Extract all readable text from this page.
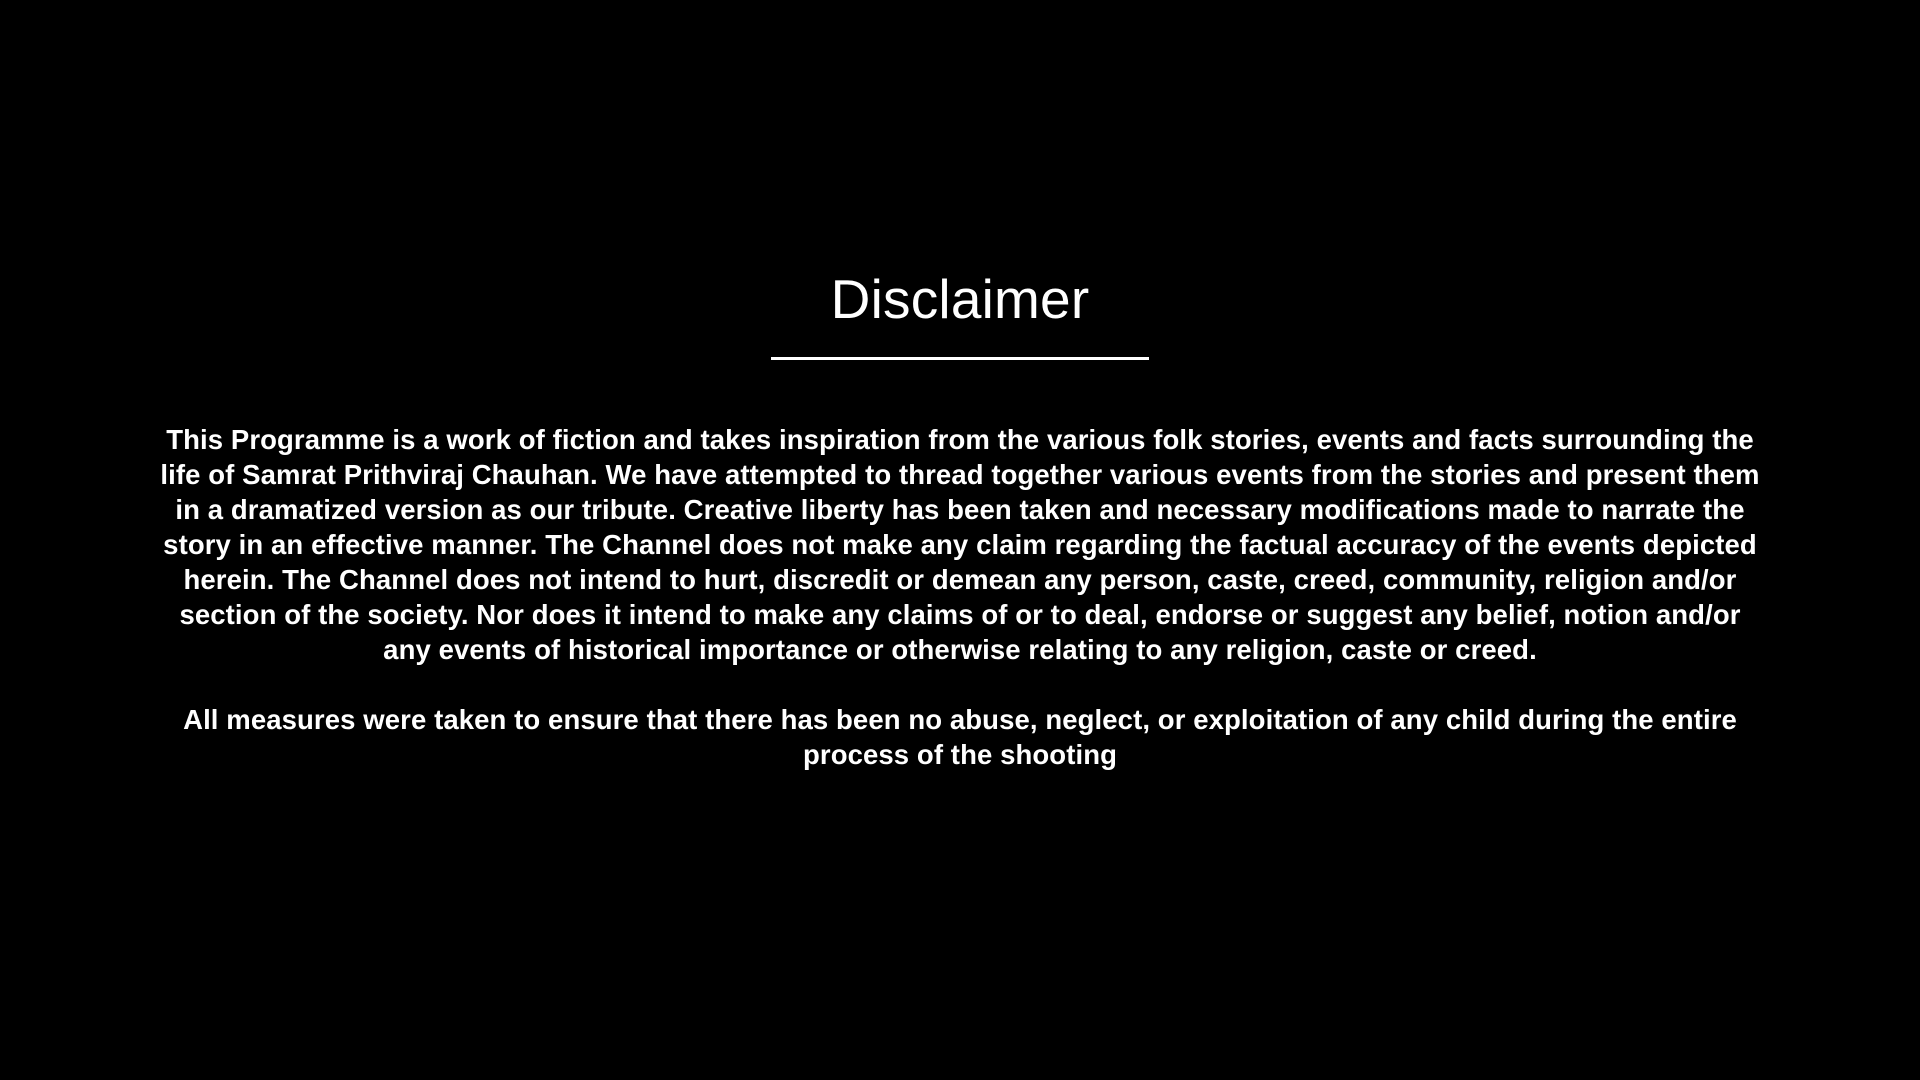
Disclaimer

This Programme is a work of fiction and takes inspiration from the various folk stories, events and facts surrounding the life of Samrat Prithviraj Chauhan. We have attempted to thread together various events from the stories and present them in a dramatized version as our tribute. Creative liberty has been taken and necessary modifications made to narrate the story in an effective manner. The Channel does not make any claim regarding the factual accuracy of the events depicted herein. The Channel does not intend to hurt, discredit or demean any person, caste, creed, community, religion and/or section of the society. Nor does it intend to make any claims of or to deal, endorse or suggest any belief, notion and/or any events of historical importance or otherwise relating to any religion, caste or creed.

All measures were taken to ensure that there has been no abuse, neglect, or exploitation of any child during the entire process of the shooting
